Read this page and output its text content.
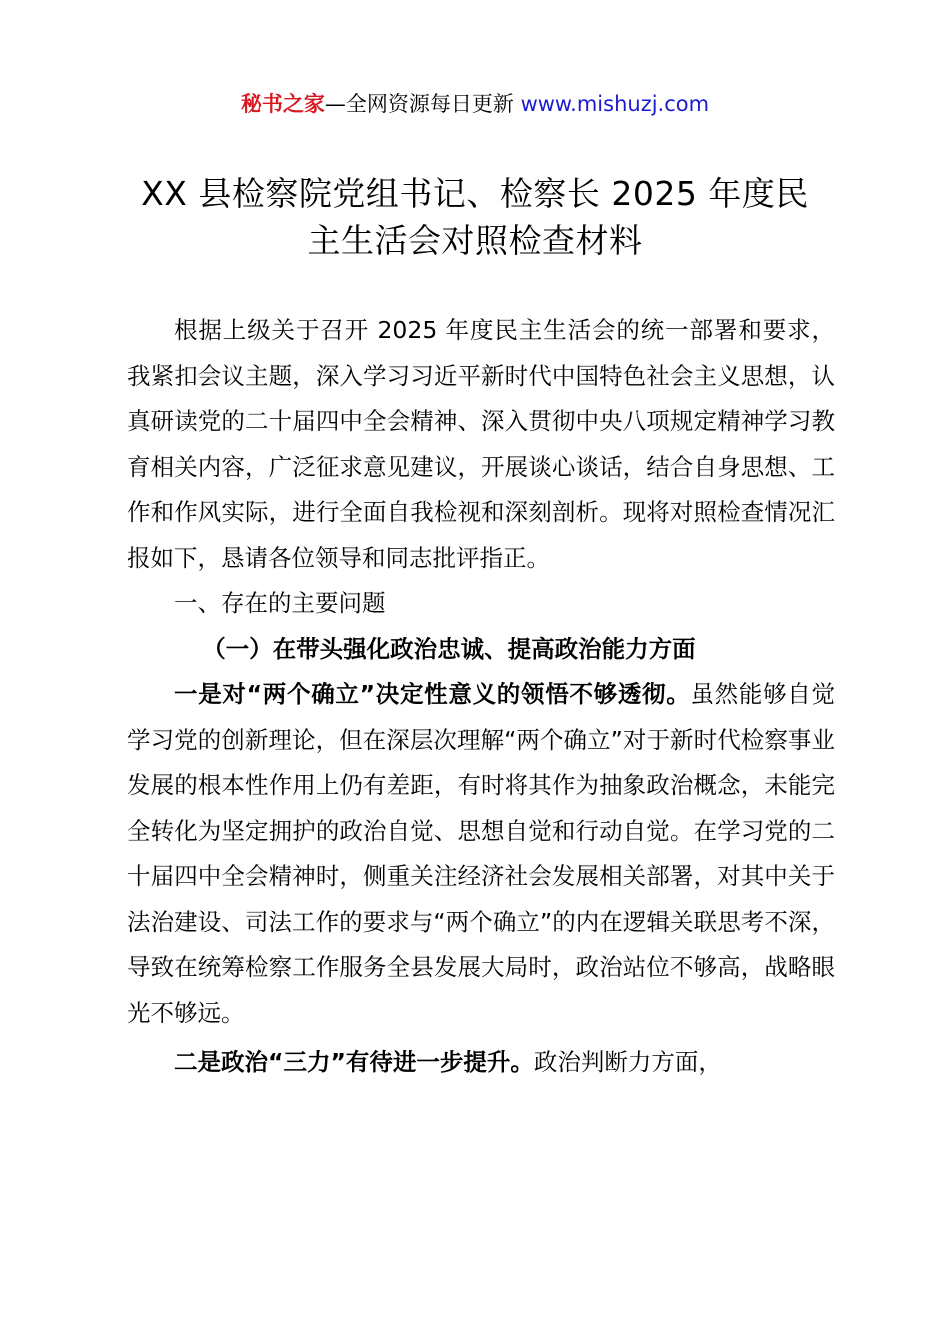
秘书之家—全网资源每日更新 www.mishuzj.com
XX 县检察院党组书记、检察长 2025 年度民
主生活会对照检查材料

根据上级关于召开 2025 年度民主生活会的统一部署和要求，我紧扣会议主题，深入学习习近平新时代中国特色社会主义思想，认真研读党的二十届四中全会精神、深入贯彻中央八项规定精神学习教育相关内容，广泛征求意见建议，开展谈心谈话，结合自身思想、工作和作风实际，进行全面自我检视和深刻剖析。现将对照检查情况汇报如下，恳请各位领导和同志批评指正。

一、存在的主要问题

（一）在带头强化政治忠诚、提高政治能力方面

一是对“两个确立”决定性意义的领悟不够透彻。虽然能够自觉学习党的创新理论，但在深层次理解“两个确立”对于新时代检察事业发展的根本性作用上仍有差距，有时将其作为抽象政治概念，未能完全转化为坚定拥护的政治自觉、思想自觉和行动自觉。在学习党的二十届四中全会精神时，侧重关注经济社会发展相关部署，对其中关于法治建设、司法工作的要求与“两个确立”的内在逻辑关联思考不深，导致在统筹检察工作服务全县发展大局时，政治站位不够高，战略眼光不够远。

二是政治“三力”有待进一步提升。政治判断力方面，
